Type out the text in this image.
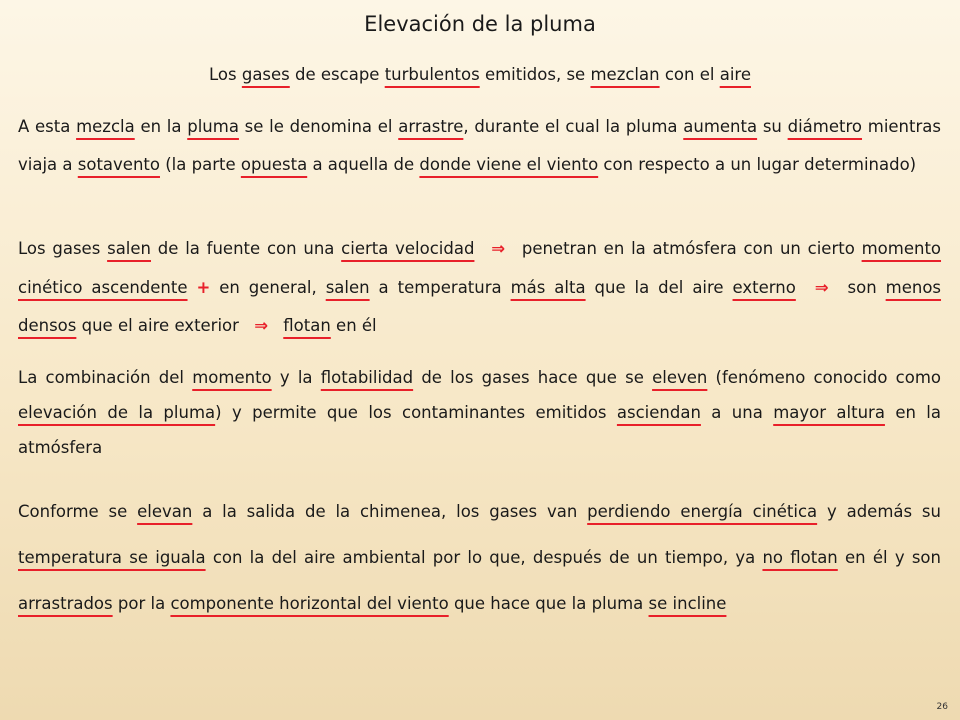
Elevación de la pluma
Los gases de escape turbulentos emitidos, se mezclan con el aire
A esta mezcla en la pluma se le denomina el arrastre, durante el cual la pluma aumenta su diámetro mientras viaja a sotavento (la parte opuesta a aquella de donde viene el viento con respecto a un lugar determinado)
Los gases salen de la fuente con una cierta velocidad ⇒ penetran en la atmósfera con un cierto momento cinético ascendente + en general, salen a temperatura más alta que la del aire externo ⇒ son menos densos que el aire exterior ⇒ flotan en él
La combinación del momento y la flotabilidad de los gases hace que se eleven (fenómeno conocido como elevación de la pluma) y permite que los contaminantes emitidos asciendan a una mayor altura en la atmósfera
Conforme se elevan a la salida de la chimenea, los gases van perdiendo energía cinética y además su temperatura se iguala con la del aire ambiental por lo que, después de un tiempo, ya no flotan en él y son arrastrados por la componente horizontal del viento que hace que la pluma se incline
26
